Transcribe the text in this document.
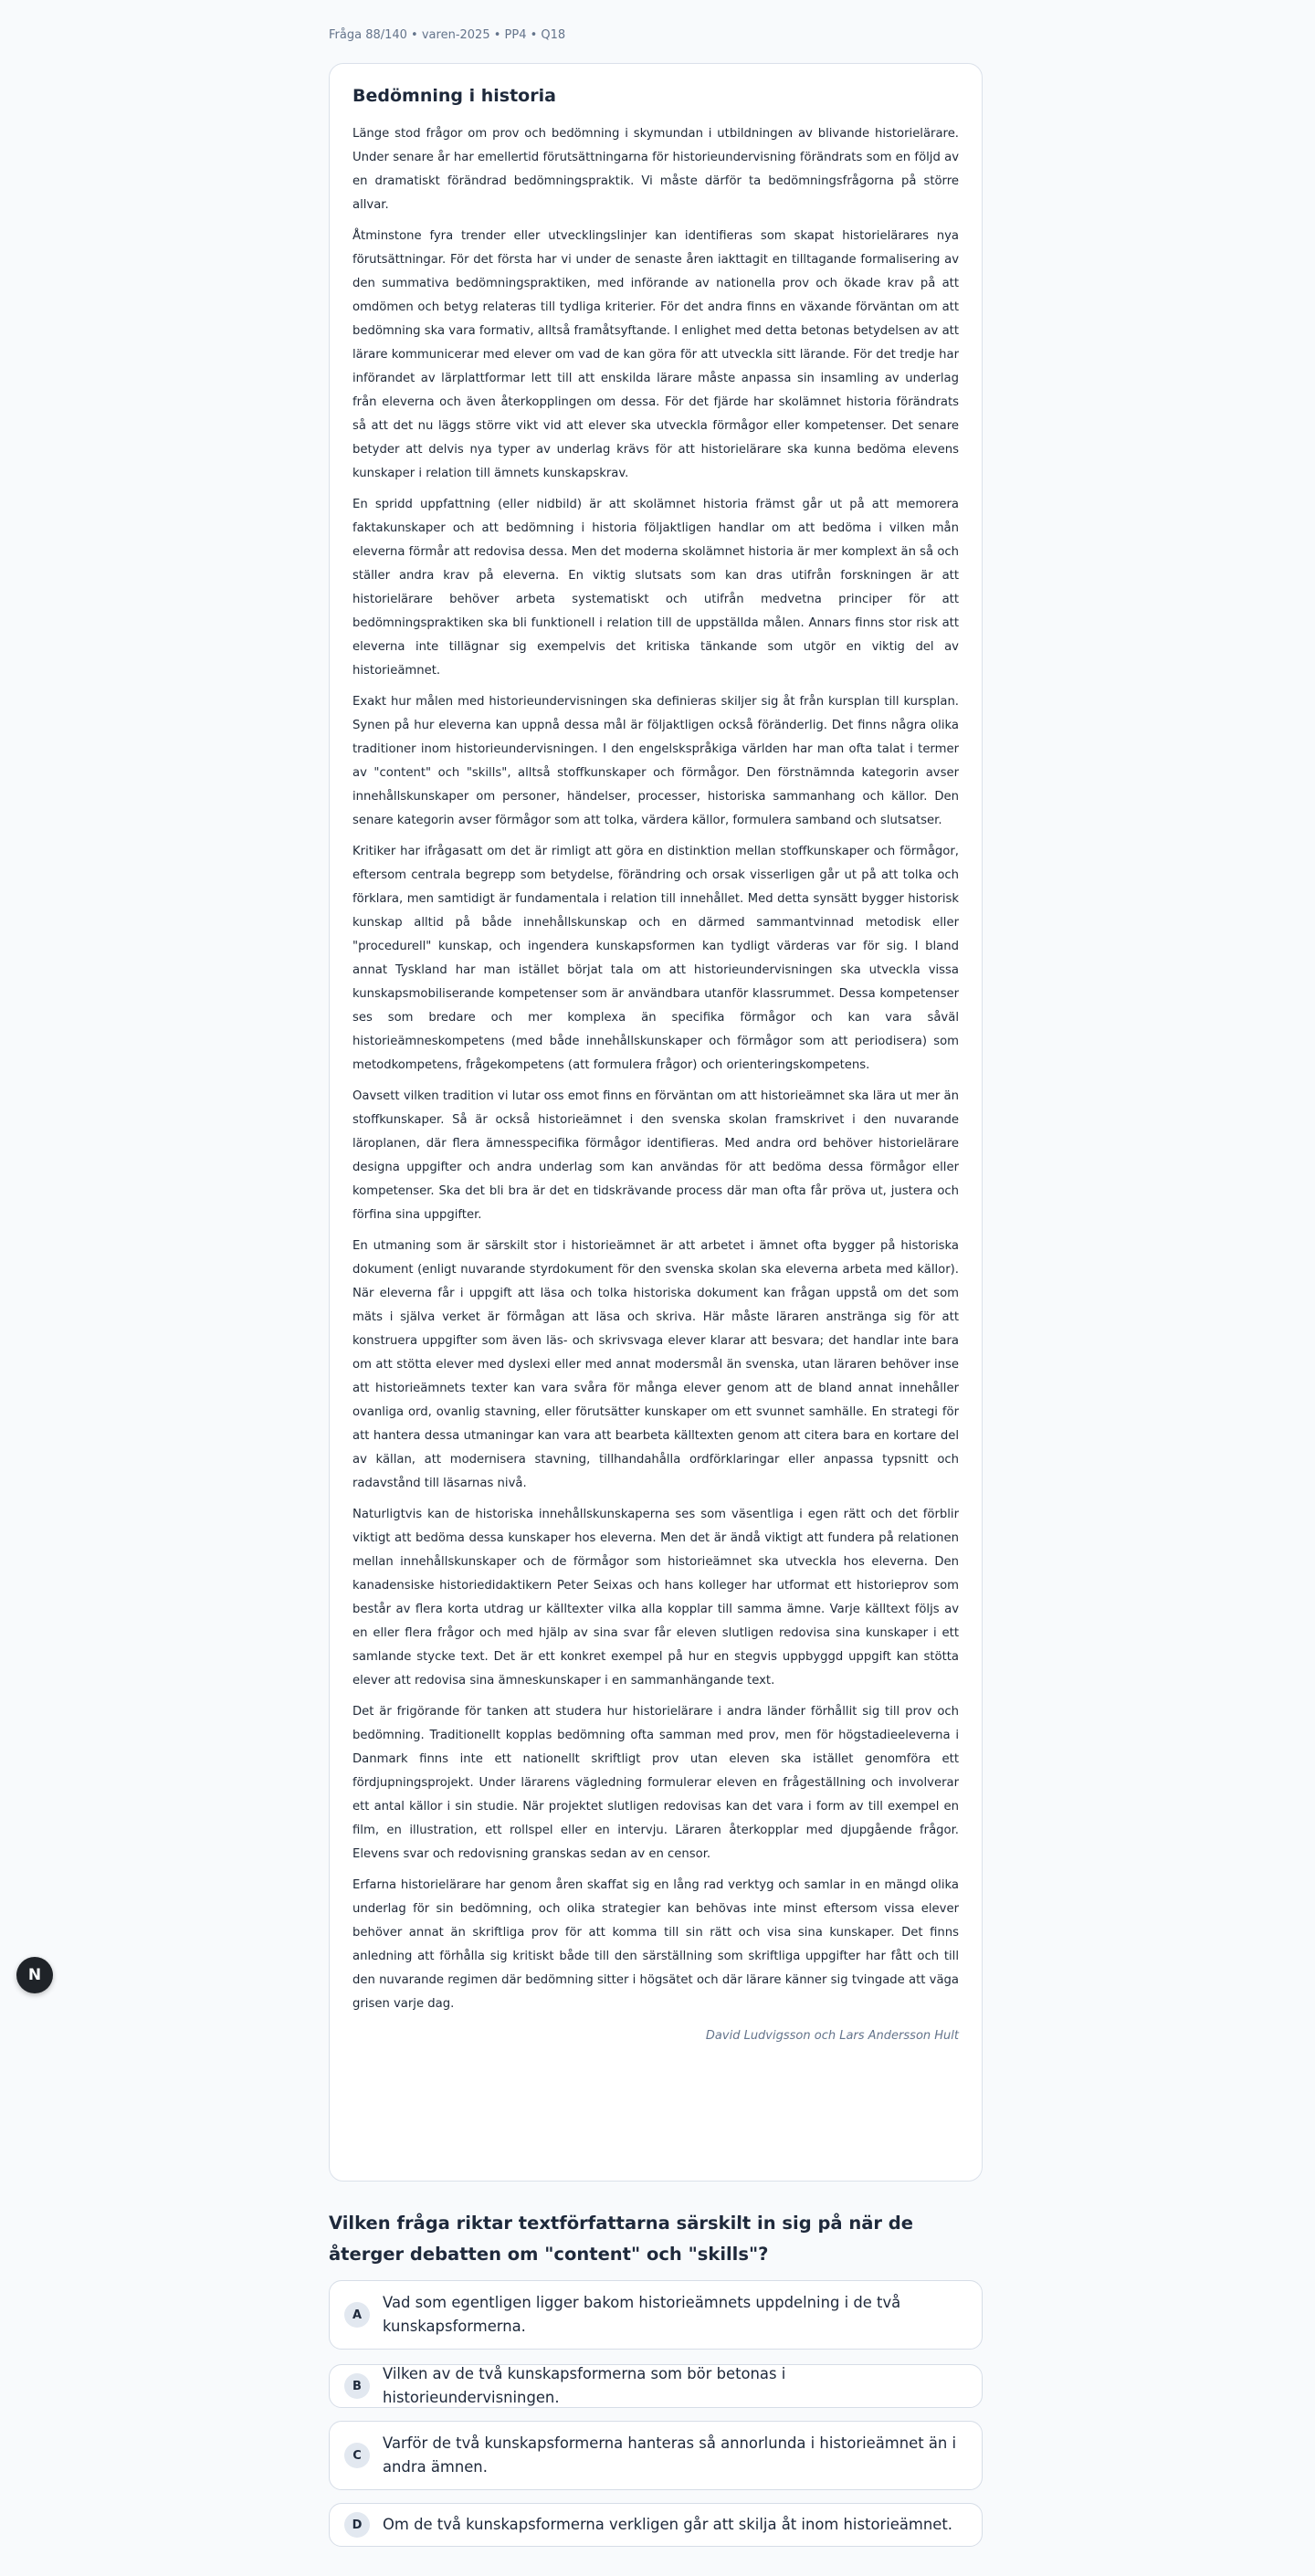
Fråga 88/140 • varen-2025 • PP4 • Q18
Bedömning i historia

Länge stod frågor om prov och bedömning i skymundan i utbildningen av blivande historielärare. Under senare år har emellertid förutsättningarna för historieundervisning förändrats som en följd av en dramatiskt förändrad bedömningspraktik. Vi måste därför ta bedömningsfrågorna på större allvar.

Åtminstone fyra trender eller utvecklingslinjer kan identifieras som skapat historielärares nya förutsättningar. För det första har vi under de senaste åren iakttagit en tilltagande formalisering av den summativa bedömningspraktiken, med införande av nationella prov och ökade krav på att omdömen och betyg relateras till tydliga kriterier. För det andra finns en växande förväntan om att bedömning ska vara formativ, alltså framåtsyftande. I enlighet med detta betonas betydelsen av att lärare kommunicerar med elever om vad de kan göra för att utveckla sitt lärande. För det tredje har införandet av lärplattformar lett till att enskilda lärare måste anpassa sin insamling av underlag från eleverna och även återkopplingen om dessa. För det fjärde har skolämnet historia förändrats så att det nu läggs större vikt vid att elever ska utveckla förmågor eller kompetenser. Det senare betyder att delvis nya typer av underlag krävs för att historielärare ska kunna bedöma elevens kunskaper i relation till ämnets kunskapskrav.

En spridd uppfattning (eller nidbild) är att skolämnet historia främst går ut på att memorera faktakunskaper och att bedömning i historia följaktligen handlar om att bedöma i vilken mån eleverna förmår att redovisa dessa. Men det moderna skolämnet historia är mer komplext än så och ställer andra krav på eleverna. En viktig slutsats som kan dras utifrån forskningen är att historielärare behöver arbeta systematiskt och utifrån medvetna principer för att bedömningspraktiken ska bli funktionell i relation till de uppställda målen. Annars finns stor risk att eleverna inte tillägnar sig exempelvis det kritiska tänkande som utgör en viktig del av historieämnet.

Exakt hur målen med historieundervisningen ska definieras skiljer sig åt från kursplan till kursplan. Synen på hur eleverna kan uppnå dessa mål är följaktligen också föränderlig. Det finns några olika traditioner inom historieundervisningen. I den engelskspråkiga världen har man ofta talat i termer av "content" och "skills", alltså stoffkunskaper och förmågor. Den förstnämnda kategorin avser innehållskunskaper om personer, händelser, processer, historiska sammanhang och källor. Den senare kategorin avser förmågor som att tolka, värdera källor, formulera samband och slutsatser.

Kritiker har ifrågasatt om det är rimligt att göra en distinktion mellan stoffkunskaper och förmågor, eftersom centrala begrepp som betydelse, förändring och orsak visserligen går ut på att tolka och förklara, men samtidigt är fundamentala i relation till innehållet. Med detta synsätt bygger historisk kunskap alltid på både innehållskunskap och en därmed sammantvinnad metodisk eller "procedurell" kunskap, och ingendera kunskapsformen kan tydligt värderas var för sig. I bland annat Tyskland har man istället börjat tala om att historieundervisningen ska utveckla vissa kunskapsmobiliserande kompetenser som är användbara utanför klassrummet. Dessa kompetenser ses som bredare och mer komplexa än specifika förmågor och kan vara såväl historieämneskompetens (med både innehållskunskaper och förmågor som att periodisera) som metodkompetens, frågekompetens (att formulera frågor) och orienteringskompetens.

Oavsett vilken tradition vi lutar oss emot finns en förväntan om att historieämnet ska lära ut mer än stoffkunskaper. Så är också historieämnet i den svenska skolan framskrivet i den nuvarande läroplanen, där flera ämnesspecifika förmågor identifieras. Med andra ord behöver historielärare designa uppgifter och andra underlag som kan användas för att bedöma dessa förmågor eller kompetenser. Ska det bli bra är det en tidskrävande process där man ofta får pröva ut, justera och förfina sina uppgifter.

En utmaning som är särskilt stor i historieämnet är att arbetet i ämnet ofta bygger på historiska dokument (enligt nuvarande styrdokument för den svenska skolan ska eleverna arbeta med källor). När eleverna får i uppgift att läsa och tolka historiska dokument kan frågan uppstå om det som mäts i själva verket är förmågan att läsa och skriva. Här måste läraren anstränga sig för att konstruera uppgifter som även läs- och skrivsvaga elever klarar att besvara; det handlar inte bara om att stötta elever med dyslexi eller med annat modersmål än svenska, utan läraren behöver inse att historieämnets texter kan vara svåra för många elever genom att de bland annat innehåller ovanliga ord, ovanlig stavning, eller förutsätter kunskaper om ett svunnet samhälle. En strategi för att hantera dessa utmaningar kan vara att bearbeta källtexten genom att citera bara en kortare del av källan, att modernisera stavning, tillhandahålla ordförklaringar eller anpassa typsnitt och radavstånd till läsarnas nivå.

Naturligtvis kan de historiska innehållskunskaperna ses som väsentliga i egen rätt och det förblir viktigt att bedöma dessa kunskaper hos eleverna. Men det är ändå viktigt att fundera på relationen mellan innehållskunskaper och de förmågor som historieämnet ska utveckla hos eleverna. Den kanadensiske historiedidaktikern Peter Seixas och hans kolleger har utformat ett historieprov som består av flera korta utdrag ur källtexter vilka alla kopplar till samma ämne. Varje källtext följs av en eller flera frågor och med hjälp av sina svar får eleven slutligen redovisa sina kunskaper i ett samlande stycke text. Det är ett konkret exempel på hur en stegvis uppbyggd uppgift kan stötta elever att redovisa sina ämneskunskaper i en sammanhängande text.

Det är frigörande för tanken att studera hur historielärare i andra länder förhållit sig till prov och bedömning. Traditionellt kopplas bedömning ofta samman med prov, men för högstadieeleverna i Danmark finns inte ett nationellt skriftligt prov utan eleven ska istället genomföra ett fördjupningsprojekt. Under lärarens vägledning formulerar eleven en frågeställning och involverar ett antal källor i sin studie. När projektet slutligen redovisas kan det vara i form av till exempel en film, en illustration, ett rollspel eller en intervju. Läraren återkopplar med djupgående frågor. Elevens svar och redovisning granskas sedan av en censor.

Erfarna historielärare har genom åren skaffat sig en lång rad verktyg och samlar in en mängd olika underlag för sin bedömning, och olika strategier kan behövas inte minst eftersom vissa elever behöver annat än skriftliga prov för att komma till sin rätt och visa sina kunskaper. Det finns anledning att förhålla sig kritiskt både till den särställning som skriftliga uppgifter har fått och till den nuvarande regimen där bedömning sitter i högsätet och där lärare känner sig tvingade att väga grisen varje dag.

David Ludvigsson och Lars Andersson Hult
Vilken fråga riktar textförfattarna särskilt in sig på när de återger debatten om "content" och "skills"?
A
Vad som egentligen ligger bakom historieämnets uppdelning i de två kunskapsformerna.
B
Vilken av de två kunskapsformerna som bör betonas i historieundervisningen.
C
Varför de två kunskapsformerna hanteras så annorlunda i historieämnet än i andra ämnen.
D	Om de två kunskapsformerna verkligen går att skilja åt inom historieämnet.
N
